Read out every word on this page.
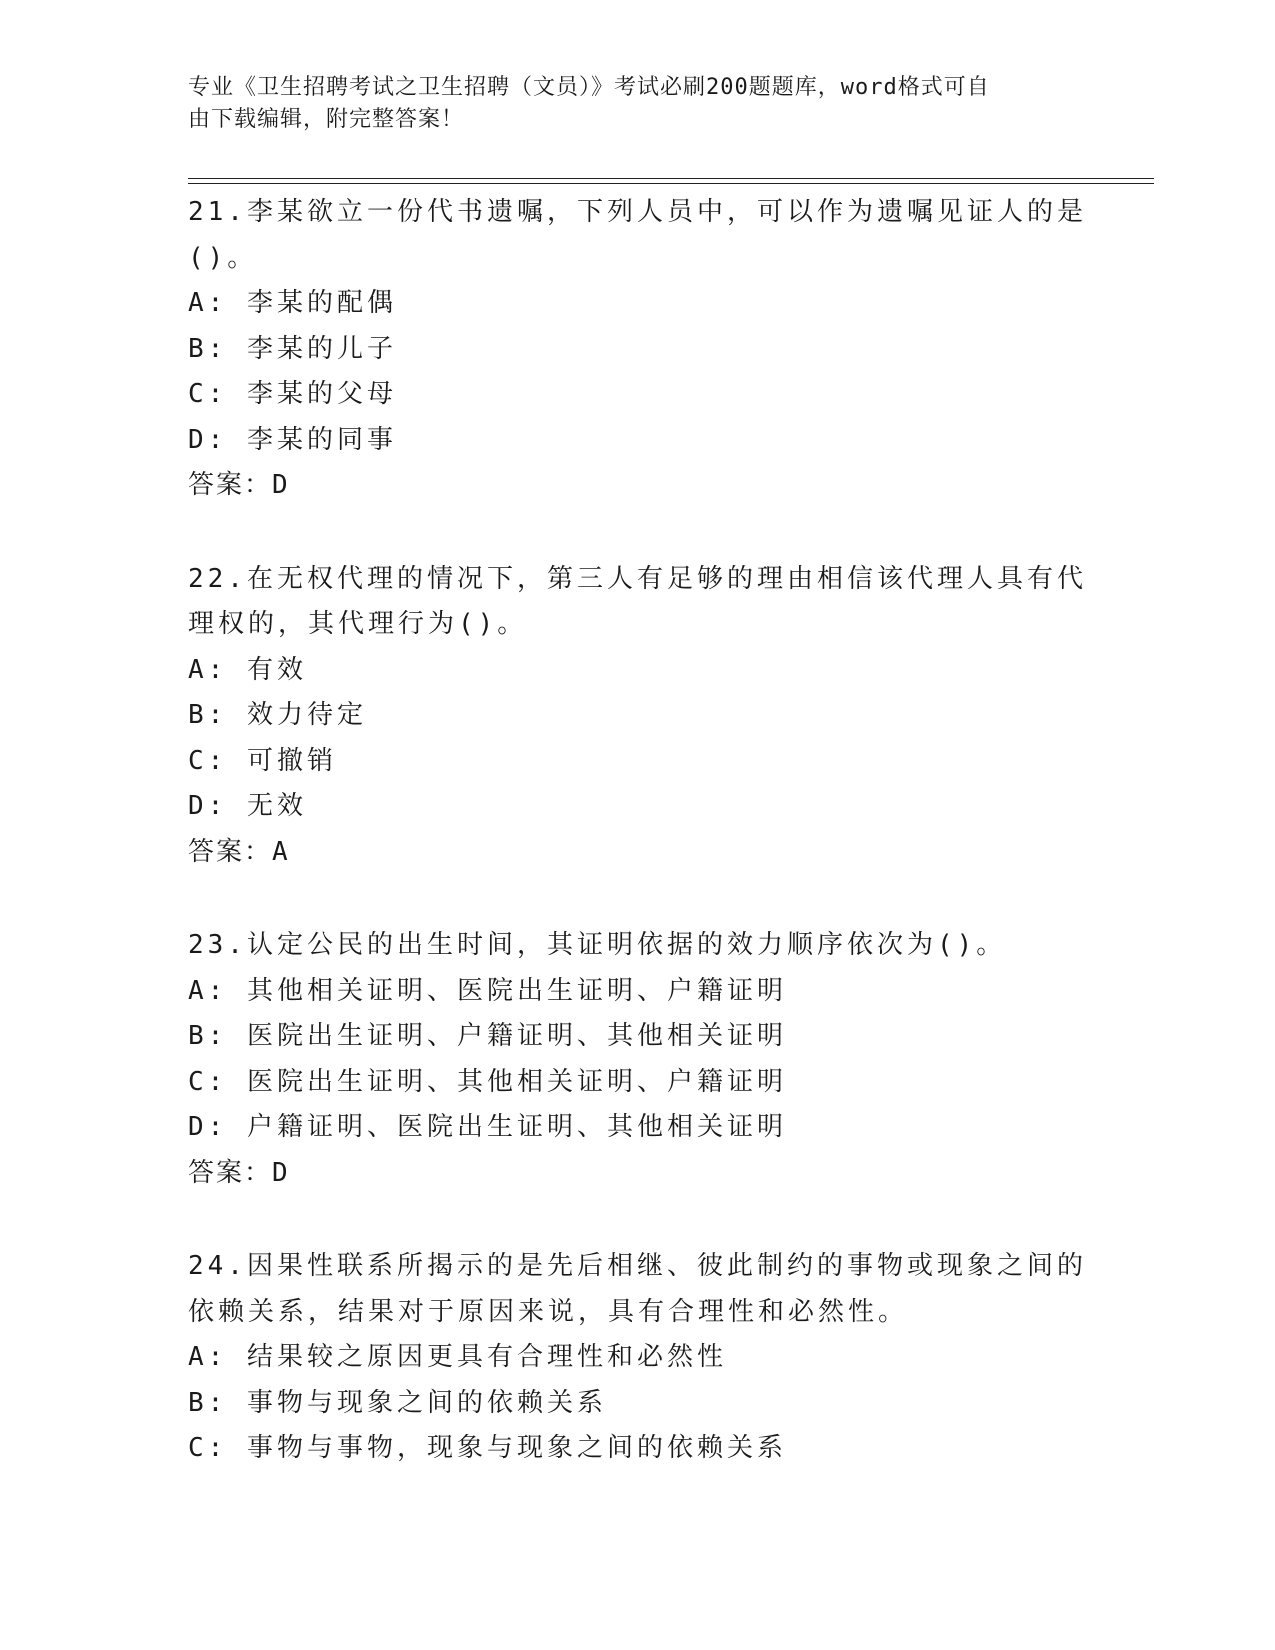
专业《卫生招聘考试之卫生招聘（文员）》考试必刷200题题库，word格式可自
由下载编辑，附完整答案！
21.李某欲立一份代书遗嘱，下列人员中，可以作为遗嘱见证人的是()。
A: 李某的配偶
B: 李某的儿子
C: 李某的父母
D: 李某的同事
答案：D
22.在无权代理的情况下，第三人有足够的理由相信该代理人具有代理权的，其代理行为()。
A: 有效
B: 效力待定
C: 可撤销
D: 无效
答案：A
23.认定公民的出生时间，其证明依据的效力顺序依次为()。
A: 其他相关证明、医院出生证明、户籍证明
B: 医院出生证明、户籍证明、其他相关证明
C: 医院出生证明、其他相关证明、户籍证明
D: 户籍证明、医院出生证明、其他相关证明
答案：D
24.因果性联系所揭示的是先后相继、彼此制约的事物或现象之间的依赖关系，结果对于原因来说，具有合理性和必然性。
A: 结果较之原因更具有合理性和必然性
B: 事物与现象之间的依赖关系
C: 事物与事物，现象与现象之间的依赖关系
